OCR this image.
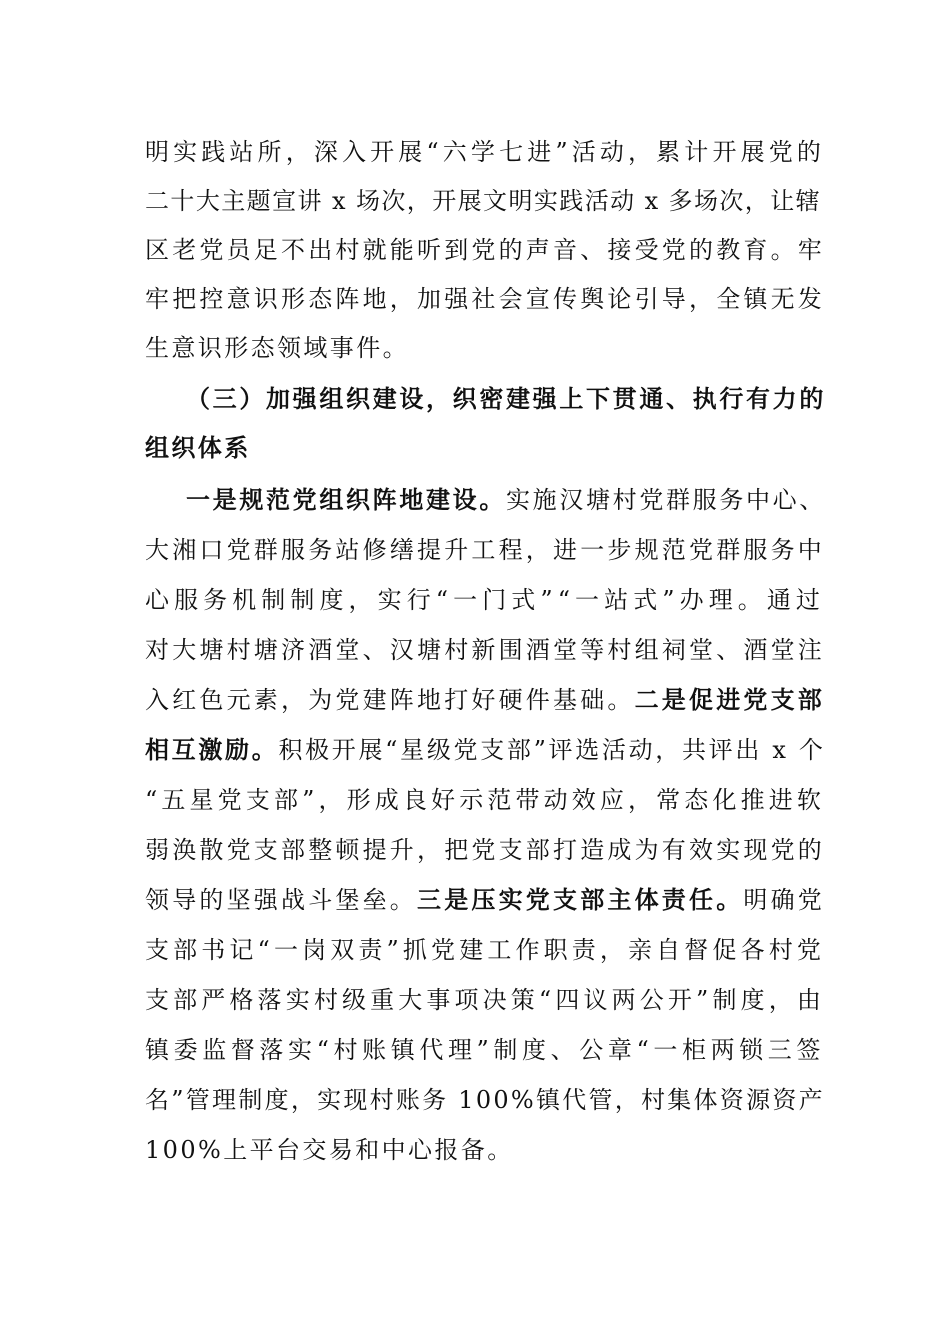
明实践站所，深入开展“六学七进”活动，累计开展党的
二十大主题宣讲 x 场次，开展文明实践活动 x 多场次，让辖
区老党员足不出村就能听到党的声音、接受党的教育。牢
牢把控意识形态阵地，加强社会宣传舆论引导，全镇无发
生意识形态领域事件。
（三）加强组织建设，织密建强上下贯通、执行有力的
组织体系
一是规范党组织阵地建设。实施汉塘村党群服务中心、
大湘口党群服务站修缮提升工程，进一步规范党群服务中
心服务机制制度，实行“一门式”“一站式”办理。通过
对大塘村塘济酒堂、汉塘村新围酒堂等村组祠堂、酒堂注
入红色元素，为党建阵地打好硬件基础。二是促进党支部
相互激励。积极开展“星级党支部”评选活动，共评出 x 个
“五星党支部”，形成良好示范带动效应，常态化推进软
弱涣散党支部整顿提升，把党支部打造成为有效实现党的
领导的坚强战斗堡垒。三是压实党支部主体责任。明确党
支部书记“一岗双责”抓党建工作职责，亲自督促各村党
支部严格落实村级重大事项决策“四议两公开”制度，由
镇委监督落实“村账镇代理”制度、公章“一柜两锁三签
名”管理制度，实现村账务 100%镇代管，村集体资源资产
100%上平台交易和中心报备。
